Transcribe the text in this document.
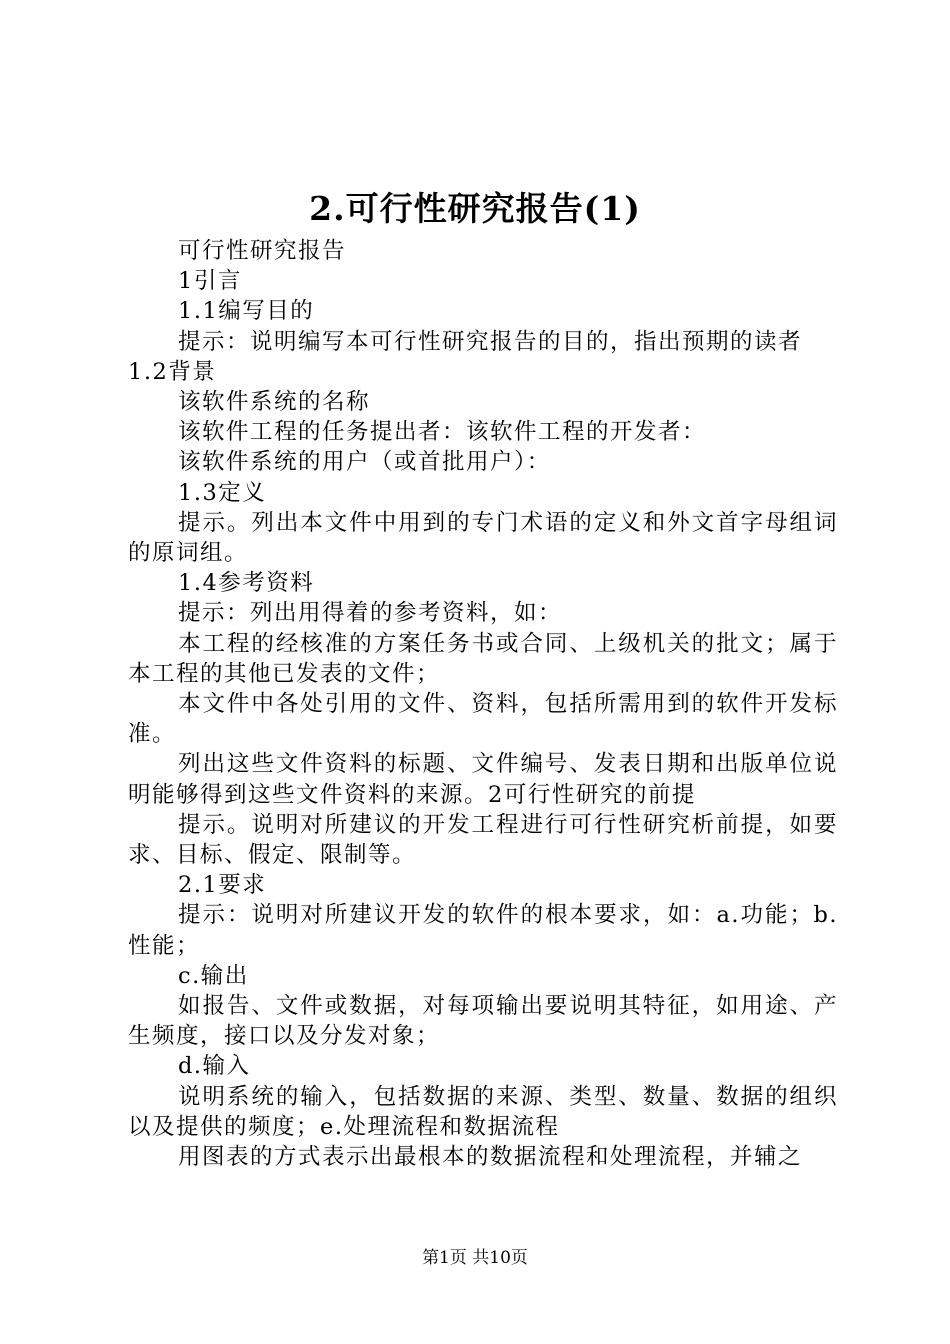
2.可行性研究报告(1)

可行性研究报告

1引言

1.1编写目的

提示：说明编写本可行性研究报告的目的，指出预期的读者

1.2背景

该软件系统的名称

该软件工程的任务提出者：该软件工程的开发者：

该软件系统的用户（或首批用户）：

1.3定义

提示。列出本文件中用到的专门术语的定义和外文首字母组词的原词组。

1.4参考资料

提示：列出用得着的参考资料，如：

本工程的经核准的方案任务书或合同、上级机关的批文；属于本工程的其他已发表的文件；

本文件中各处引用的文件、资料，包括所需用到的软件开发标准。

列出这些文件资料的标题、文件编号、发表日期和出版单位说明能够得到这些文件资料的来源。2可行性研究的前提

提示。说明对所建议的开发工程进行可行性研究析前提，如要求、目标、假定、限制等。

2.1要求

提示：说明对所建议开发的软件的根本要求，如：a.功能；b.性能；

c.输出

如报告、文件或数据，对每项输出要说明其特征，如用途、产生频度，接口以及分发对象；

d.输入

说明系统的输入，包括数据的来源、类型、数量、数据的组织以及提供的频度；e.处理流程和数据流程

用图表的方式表示出最根本的数据流程和处理流程，并辅之

第1页 共10页
